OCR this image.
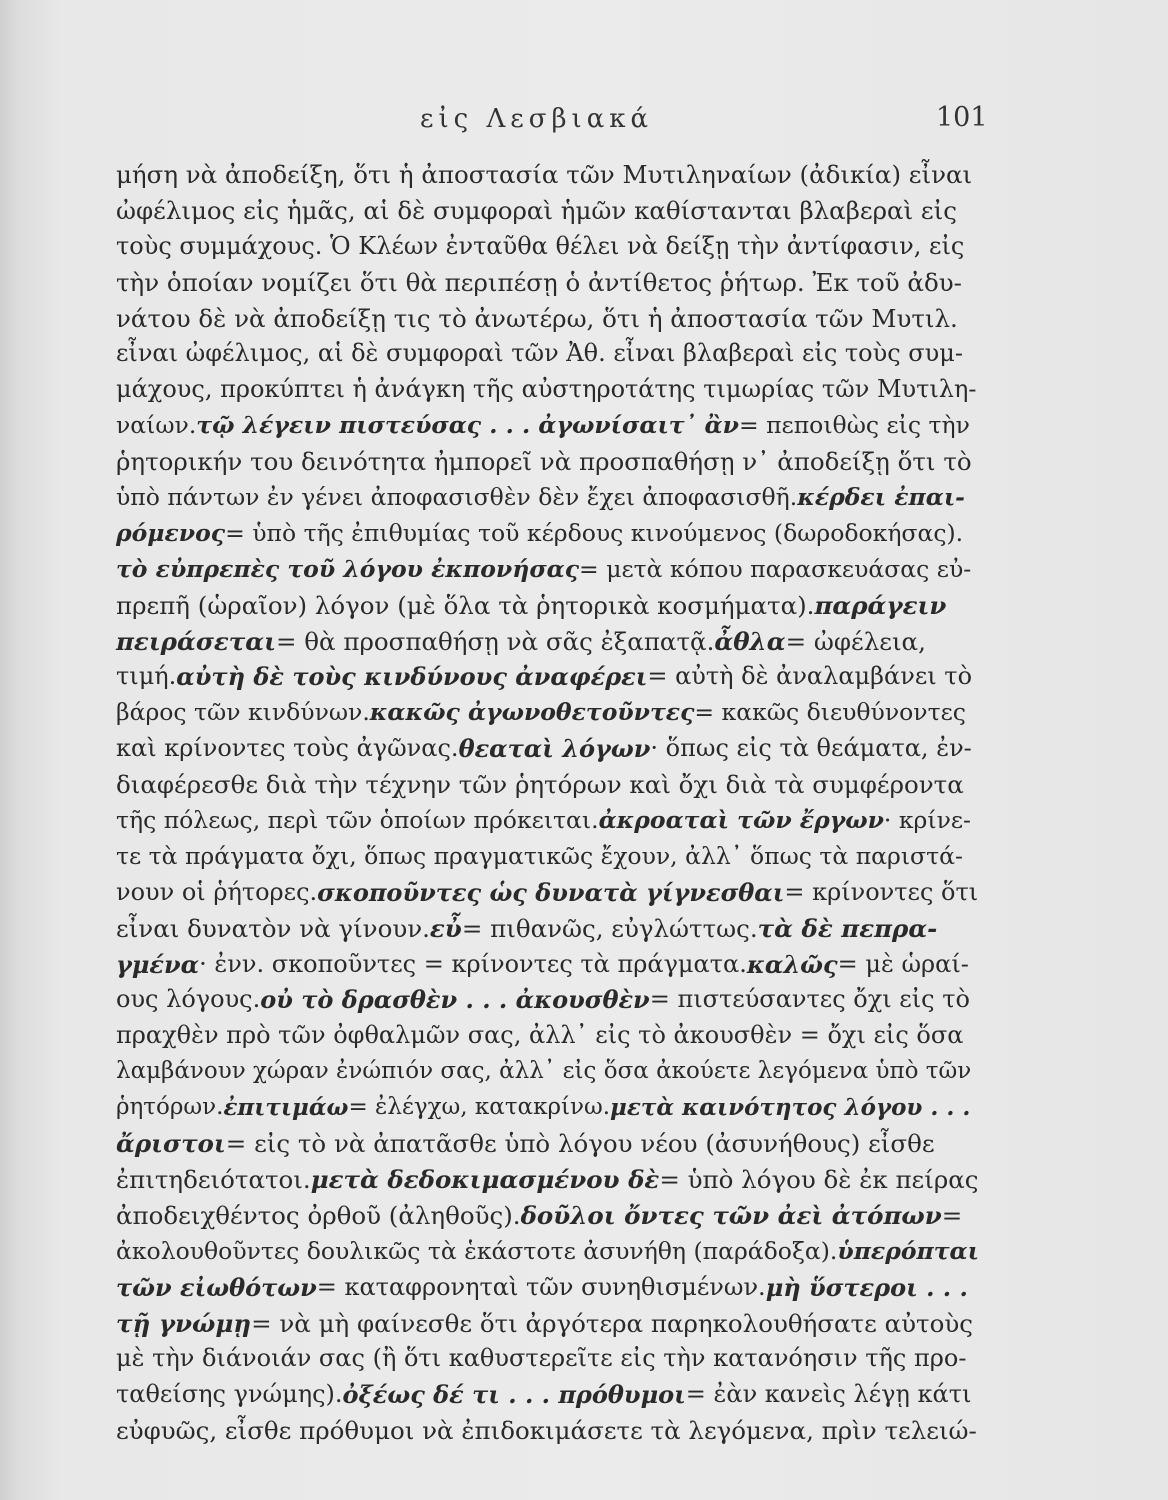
εἰς Λεσβιακά	101
μήση νὰ ἀποδείξη, ὅτι ἡ ἀποστασία τῶν Μυτιληναίων (ἀδικία) εἶναι
ὠφέλιμος εἰς ἡμᾶς, αἱ δὲ συμφοραὶ ἡμῶν καθίστανται βλαβεραὶ εἰς
τοὺς συμμάχους. Ὁ Κλέων ἐνταῦθα θέλει νὰ δείξῃ τὴν ἀντίφασιν, εἰς
τὴν ὁποίαν νομίζει ὅτι θὰ περιπέσῃ ὁ ἀντίθετος ῥήτωρ. Ἐκ τοῦ ἀδυ-
νάτου δὲ νὰ ἀποδείξῃ τις τὸ ἀνωτέρω, ὅτι ἡ ἀποστασία τῶν Μυτιλ.
εἶναι ὠφέλιμος, αἱ δὲ συμφοραὶ τῶν Ἀθ. εἶναι βλαβεραὶ εἰς τοὺς συμ-
μάχους, προκύπτει ἡ ἀνάγκη τῆς αὐστηροτάτης τιμωρίας τῶν Μυτιλη-
ναίων. τῷ λέγειν πιστεύσας . . . ἀγωνίσαιτ᾿ ἂν = πεποιθὼς εἰς τὴν
ῥητορικήν του δεινότητα ἠμπορεῖ νὰ προσπαθήσῃ ν᾿ ἀποδείξῃ ὅτι τὸ
ὑπὸ πάντων ἐν γένει ἀποφασισθὲν δὲν ἔχει ἀποφασισθῆ. κέρδει ἐπαι-
ρόμενος = ὑπὸ τῆς ἐπιθυμίας τοῦ κέρδους κινούμενος (δωροδοκήσας).
τὸ εὐπρεπὲς τοῦ λόγου ἐκπονήσας = μετὰ κόπου παρασκευάσας εὐ-
πρεπῆ (ὡραῖον) λόγον (μὲ ὅλα τὰ ῥητορικὰ κοσμήματα). παράγειν
πειράσεται = θὰ προσπαθήσῃ νὰ σᾶς ἐξαπατᾷ. ἆθλα = ὠφέλεια,
τιμή. αὐτὴ δὲ τοὺς κινδύνους ἀναφέρει = αὐτὴ δὲ ἀναλαμβάνει τὸ
βάρος τῶν κινδύνων. κακῶς ἀγωνοθετοῦντες = κακῶς διευθύνοντες
καὶ κρίνοντες τοὺς ἀγῶνας. θεαταὶ λόγων · ὅπως εἰς τὰ θεάματα, ἐν-
διαφέρεσθε διὰ τὴν τέχνην τῶν ῥητόρων καὶ ὄχι διὰ τὰ συμφέροντα
τῆς πόλεως, περὶ τῶν ὁποίων πρόκειται. ἀκροαταὶ τῶν ἔργων · κρίνε-
τε τὰ πράγματα ὄχι, ὅπως πραγματικῶς ἔχουν, ἀλλ᾿ ὅπως τὰ παριστά-
νουν οἱ ῥήτορες. σκοποῦντες ὡς δυνατὰ γίγνεσθαι = κρίνοντες ὅτι
εἶναι δυνατὸν νὰ γίνουν. εὖ = πιθανῶς, εὐγλώττως. τὰ δὲ πεπρα-
γμένα · ἐνν. σκοποῦντες = κρίνοντες τὰ πράγματα. καλῶς = μὲ ὡραί-
ους λόγους. οὐ τὸ δρασθὲν . . . ἀκουσθὲν = πιστεύσαντες ὄχι εἰς τὸ
πραχθὲν πρὸ τῶν ὀφθαλμῶν σας, ἀλλ᾿ εἰς τὸ ἀκουσθὲν = ὄχι εἰς ὅσα
λαμβάνουν χώραν ἐνώπιόν σας, ἀλλ᾿ εἰς ὅσα ἀκούετε λεγόμενα ὑπὸ τῶν
ῥητόρων. ἐπιτιμάω = ἐλέγχω, κατακρίνω. μετὰ καινότητος λόγου . . .
ἄριστοι = εἰς τὸ νὰ ἀπατᾶσθε ὑπὸ λόγου νέου (ἀσυνήθους) εἶσθε
ἐπιτηδειότατοι. μετὰ δεδοκιμασμένου δὲ = ὑπὸ λόγου δὲ ἐκ πείρας
ἀποδειχθέντος ὀρθοῦ (ἀληθοῦς). δοῦλοι ὄντες τῶν ἀεὶ ἀτόπων =
ἀκολουθοῦντες δουλικῶς τὰ ἑκάστοτε ἀσυνήθη (παράδοξα). ὑπερόπται
τῶν εἰωθότων = καταφρονηταὶ τῶν συνηθισμένων. μὴ ὕστεροι . . .
τῇ γνώμῃ = νὰ μὴ φαίνεσθε ὅτι ἀργότερα παρηκολουθήσατε αὐτοὺς
μὲ τὴν διάνοιάν σας (ἢ ὅτι καθυστερεῖτε εἰς τὴν κατανόησιν τῆς προ-
ταθείσης γνώμης). ὀξέως δέ τι . . . πρόθυμοι = ἐὰν κανεὶς λέγῃ κάτι
εὐφυῶς, εἶσθε πρόθυμοι νὰ ἐπιδοκιμάσετε τὰ λεγόμενα, πρὶν τελειώ-
